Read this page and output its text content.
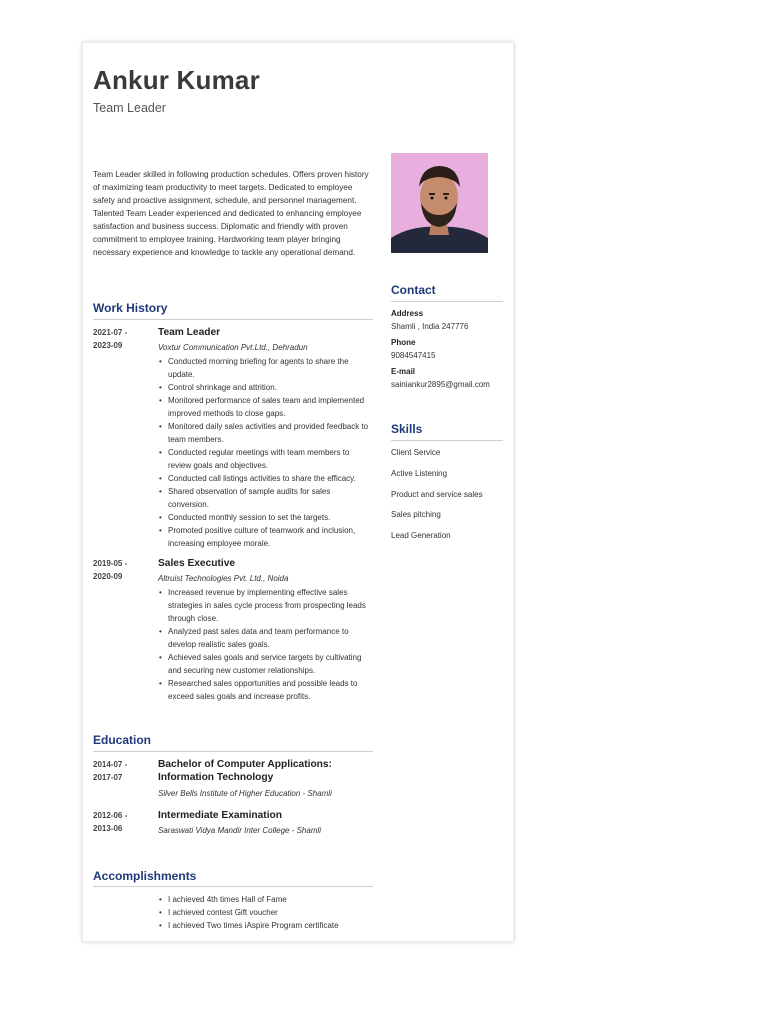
Ankur Kumar
Team Leader
Team Leader skilled in following production schedules. Offers proven history of maximizing team productivity to meet targets. Dedicated to employee safety and proactive assignment, schedule, and personnel management. Talented Team Leader experienced and dedicated to enhancing employee satisfaction and business success. Diplomatic and friendly with proven commitment to employee training. Hardworking team player bringing necessary experience and knowledge to tackle any operational demand.
Work History
2021-07 -
2023-09
Team Leader
Voxtur Communication Pvt.Ltd., Dehradun
• Conducted morning briefing for agents to share the update.
• Control shrinkage and attrition.
• Monitored performance of sales team and implemented improved methods to close gaps.
• Monitored daily sales activities and provided feedback to team members.
• Conducted regular meetings with team members to review goals and objectives.
• Conducted call listings activities to share the efficacy.
• Shared observation of sample audits for sales conversion.
• Conducted monthly session to set the targets.
• Promoted positive culture of teamwork and inclusion, increasing employee morale.
2019-05 -
2020-09
Sales Executive
Altruist Technologies Pvt. Ltd., Noida
• Increased revenue by implementing effective sales strategies in sales cycle process from prospecting leads through close.
• Analyzed past sales data and team performance to develop realistic sales goals.
• Achieved sales goals and service targets by cultivating and securing new customer relationships.
• Researched sales opportunities and possible leads to exceed sales goals and increase profits.
Education
2014-07 -
2017-07
Bachelor of Computer Applications: Information Technology
Silver Bells Institute of Higher Education - Shamli
2012-06 -
2013-06
Intermediate Examination
Saraswati Vidya Mandir Inter College - Shamli
Accomplishments
• I achieved 4th times Hall of Fame
• I achieved contest Gift voucher
• I achieved Two times iAspire Program certificate
Contact
Address
Shamli , India 247776
Phone
9084547415
E-mail
sainiankur2895@gmail.com
Skills
Client Service
Active Listening
Product and service sales
Sales pitching
Lead Generation
